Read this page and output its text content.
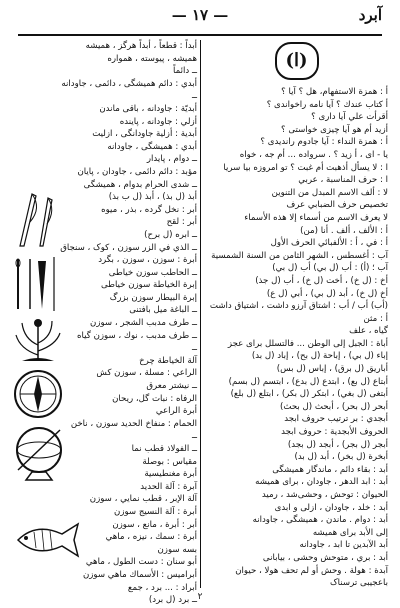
آبرد
— ١٧ —
(ا)
أ : همزة الاستفهام، هل ؟ آیا ؟
أ كتاب عندك ؟ آیا نامه راخواندی ؟
أقرأت علي آیا داری ؟
أزيد أم هو آیا چیزی خواستی ؟
أ : همزة النداء : آیا جادوم راندیدی ؟
يا - ای ، أ زید ؟ . سرواده ... أم جه ، خواه
ا : لا يسأل أذهبت أم غبت ؟ تو امروزه بیا سریا
ا : حرف المناسبة ، عربي
لا : ألف الاسم المبدل من التنوين
تخصیص حرف الضبابي عرف
لا يعرف الاسم من أسماء إلا هذه الأسماء
أ : الألف ، ألف . أنا (من)
أ : في ، أ : الألفبائي الحرف الأول
آب : أغسطس ، الشهر الثامن من السنة الشمسية
آب ؛ (أ) : أب (ل بي) أب (ل بي)
أخ : (ل خ) ، أخت (ل خ) ، أب (ل جذ)
أخ (ل خ) ، أبد (ل بي) ، أبي (ل ع)
(أب) أب / أب : اشتاق آرزو داشت ، اشتیاق داشت
أ : مثن
گیاه ، علف
أباة : الجبل إلى الوطن ... فالتسلل برای عجز
إباء (ل بي) ، إباحة (ل بح) ، إباد (ل بد)
أباريق (ل برق) ، إباس (ل بس)
أبتاع (ل بع) ، ابتدع (ل بدع) ، ابتسم (ل بسم)
أبتغى (ل بغي) ، ابتكر (ل بكر) ، ابتلع (ل بلع)
أبحر (ل بحر) ، أبحث (ل بحث)
أبجدي : بر ترتیب حروف ابجد
الحروف الأبجدية : حروف ابجد
أبجر (ل بجر) ، أبجد (ل بجد)
أبخرة (ل بخر) ، أبد (ل بد)
أبد : بقاء دائم ، ماندگار همیشگی
أبد : ابد الدهر ، جاودان ، برای همیشه
الحيوان : توحش ، وحشی‌شد ، رمید
أبد : خلد ، جاودان ، ازلی و ابدی
أبد : دوام . ماندن ، همیشگی ، جاودانه
إلى الأبد برای همیشه
أبد الآبدين تا ابد ، جاودانه
أبد : بري ، متوحش وحشی ، بیابانی
آبدة : هولة . وحش أو لم تحف هولا ، حيوان
باعجیبی ترسناک
أبداً : قطعاً ، أبداً هرگز ، همیشه
همیشه ، پیوسته ، همواره
ــ دائماً
أبدي : دائم همیشگی ، دائمی ، جاودانه
ــ
أبديّة : جاودانه ، باقی ماندن
أزلي : جاودانه ، پاینده
أبدية : أزلية جاودانگی ، ازلیت
أبدي : همیشگی ، جاودانه
ــ دوام ، پایدار
مؤبد : دائم دائمی ، جاودان ، پایان
ــ شدى الحرام بدوام ، همیشگی
أبذ (ل بذ) ، أبذ (ل ب بذ)
أبر : نخل گرده ، بذر ، میوه
أبر : لقح
ــ ابره (ل برح)
ــ الذي في الزر سوزن ، کوک ، سنجاق
أبرة : سوزن ، سوزن ، بگرد
ــ الحاطب سوزن خیاطی
إبرة الخياطة سوزن خیاطی
إبرة البيطار سوزن بزرگ
ــ الباغة میل بافتنی
ــ طرف مدبب الشجر ، سوزن
ــ طرف مدبب ، نوك ، سوزن گیاه
ــ
آلة الخياطة چرخ
الراعي : مسلة ، سوزن کش
ــ نيشتر معرق
الرفاه : نبات گل، ریحان
أبرة الراعي
الحمام : منفاخ الحديد سوزن ، ناخن
ــ
ــ الفولاذ قطب نما
مقياس : بوصلة
أبرة مغنطيسية
آبرة : آلة الحديد
آلة الإبر ، قطب نمايي ، سوزن
أبرة : آلة النسيج سوزن
أبر : أبرة ، مانع ، سوزن
أبرة : سمك ، نيزه ، ماهي
بسه سوزن
أبو سنان : دست الطول ، ماهي
أبراميس : الأسماك ماهي سوزن
أبراد : ... برد ، جمع
ــ برد (ل برد) ٢
